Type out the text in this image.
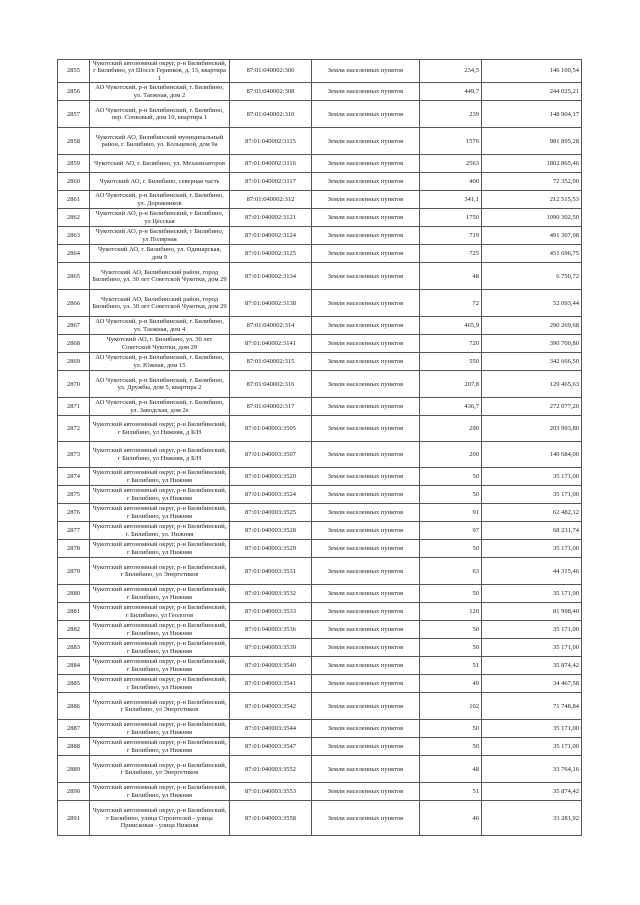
2855	Чукотский автономный округ, р-н Билибинский, г Билибино, ул Шоссе Геринков, д. 13, квартира 1	87:01:040002:306	Земли населенных пунктов	234,5	146 100,54
2856	АО Чукотский, р-н Билибинский, г. Билибино, ул. Таежная, дом 2	87:01:040002:308	Земли населенных пунктов	449,7	244 025,21
2857	АО Чукотский, р-н Билибинский, г. Билибино, пер. Сопковый, дом 10, квартира 1	87:01:040002:310	Земли населенных пунктов	239	148 904,17
2858	Чукотский АО, Билибинский муниципальный район, г. Билибино, ул. Кольцевой, дом 9а	87:01:040002:3115	Земли населенных пунктов	1576	981 895,28
2859	Чукотский АО, г. Билибино, ул. Механизаторов	87:01:040002:3116	Земли населенных пунктов	2563	1802 865,46
2860	Чукотский АО, г. Билибино, северная часть	87:01:040002:3117	Земли населенных пунктов	400	72 352,00
2861	АО Чукотский, р-н Билибинский, г. Билибино, ул. Дорожников	87:01:040002:312	Земли населенных пунктов	341,1	212 515,53
2862	Чукотский АО, р-н Билибинский, г Билибино, ул Цесская	87:01:040002:3121	Земли населенных пунктов	1750	1090 302,50
2863	Чукотский АО, р-н Билибинский, г Билибино, ул Полярная	87:01:040002:3124	Земли населенных пунктов	719	491 307,08
2864	Чукотский АО, г. Билибино, ул. Одинарская, дом 9	87:01:040002:3125	Земли населенных пунктов	725	451 696,75
2865	Чукотский АО, Билибинский район, город Билибино, ул. 30 лет Советской Чукотки, дом 29	87:01:040002:3134	Земли населенных пунктов	48	6 750,72
2866	Чукотский АО, Билибинский район, город Билибино, ул. 30 лет Советской Чукотки, дом 29	87:01:040002:3138	Земли населенных пунктов	72	52 093,44
2867	АО Чукотский, р-н Билибинский, г. Билибино, ул. Таежная, дом 4	87:01:040002:314	Земли населенных пунктов	465,9	290 269,68
2868	Чукотский АО, г. Билибино, ул. 30 лет Советской Чукотки, дом 29	87:01:040002:3141	Земли населенных пунктов	720	390 700,80
2869	АО Чукотский, р-н Билибинский, г. Билибино, ул. Южная, дом 15	87:01:040002:315	Земли населенных пунктов	550	342 666,50
2870	АО Чукотский, р-н Билибинский, г. Билибино, ул. Дружбы, дом 5, квартира 2	87:01:040002:316	Земли населенных пунктов	207,8	129 465,63
2871	АО Чукотский, р-н Билибинский, г. Билибино, ул. Заводская, дом 2е	87:01:040002:317	Земли населенных пунктов	436,7	272 077,20
2872	Чукотский автономный округ, р-н Билибинский, г Билибино, ул Нижняя, д Б/Н	87:01:040003:3505	Земли населенных пунктов	290	203 993,80
2873	Чукотский автономный округ, р-н Билибинский, г Билибино, ул Нижняя, д Б/Н	87:01:040003:3507	Земли населенных пунктов	200	140 684,00
2874	Чукотский автономный округ, р-н Билибинский, г Билибино, ул Нижняя	87:01:040003:3520	Земли населенных пунктов	50	35 171,00
2875	Чукотский автономный округ, р-н Билибинский, г Билибино, ул Нижняя	87:01:040003:3524	Земли населенных пунктов	50	35 171,00
2876	Чукотский автономный округ, р-н Билибинский, г Билибино, ул Нижняя	87:01:040003:3525	Земли населенных пунктов	91	62 482,12
2877	Чукотский автономный округ, р-н Билибинский, г. Билибино, ул. Нижняя	87:01:040003:3528	Земли населенных пунктов	97	68 231,74
2878	Чукотский автономный округ, р-н Билибинский, г Билибино, ул Нижняя	87:01:040003:3529	Земли населенных пунктов	50	35 171,00
2879	Чукотский автономный округ, р-н Билибинский, г Билибино, ул Энергетиков	87:01:040003:3531	Земли населенных пунктов	63	44 315,46
2880	Чукотский автономный округ, р-н Билибинский, г Билибино, ул Нижняя	87:01:040003:3532	Земли населенных пунктов	50	35 171,00
2881	Чукотский автономный округ, р-н Билибинский, г Билибино, ул Геологов	87:01:040003:3533	Земли населенных пунктов	120	81 998,40
2882	Чукотский автономный округ, р-н Билибинский, г Билибино, ул Нижняя	87:01:040003:3536	Земли населенных пунктов	50	35 171,00
2883	Чукотский автономный округ, р-н Билибинский, г Билибино, ул Нижняя	87:01:040003:3539	Земли населенных пунктов	50	35 171,00
2884	Чукотский автономный округ, р-н Билибинский, г Билибино, ул Нижняя	87:01:040003:3540	Земли населенных пунктов	51	35 874,42
2885	Чукотский автономный округ, р-н Билибинский, г Билибино, ул Нижняя	87:01:040003:3541	Земли населенных пунктов	49	34 467,58
2886	Чукотский автономный округ, р-н Билибинский, г Билибино, ул Энергетиков	87:01:040003:3542	Земли населенных пунктов	102	71 748,84
2887	Чукотский автономный округ, р-н Билибинский, г Билибино, ул Нижняя	87:01:040003:3544	Земли населенных пунктов	50	35 171,00
2888	Чукотский автономный округ, р-н Билибинский, г Билибино, ул Нижняя	87:01:040003:3547	Земли населенных пунктов	50	35 171,00
2889	Чукотский автономный округ, р-н Билибинский, г Билибино, ул Энергетиков	87:01:040003:3552	Земли населенных пунктов	48	33 764,16
2890	Чукотский автономный округ, р-н Билибинский, г Билибино, ул Нижняя	87:01:040003:3553	Земли населенных пунктов	51	35 874,42
2891	Чукотский автономный округ, р-н Билибинский, г Билибино, улица Строителей - улица Приисковая - улица Нижняя	87:01:040003:3558	Земли населенных пунктов	46	33 281,92
